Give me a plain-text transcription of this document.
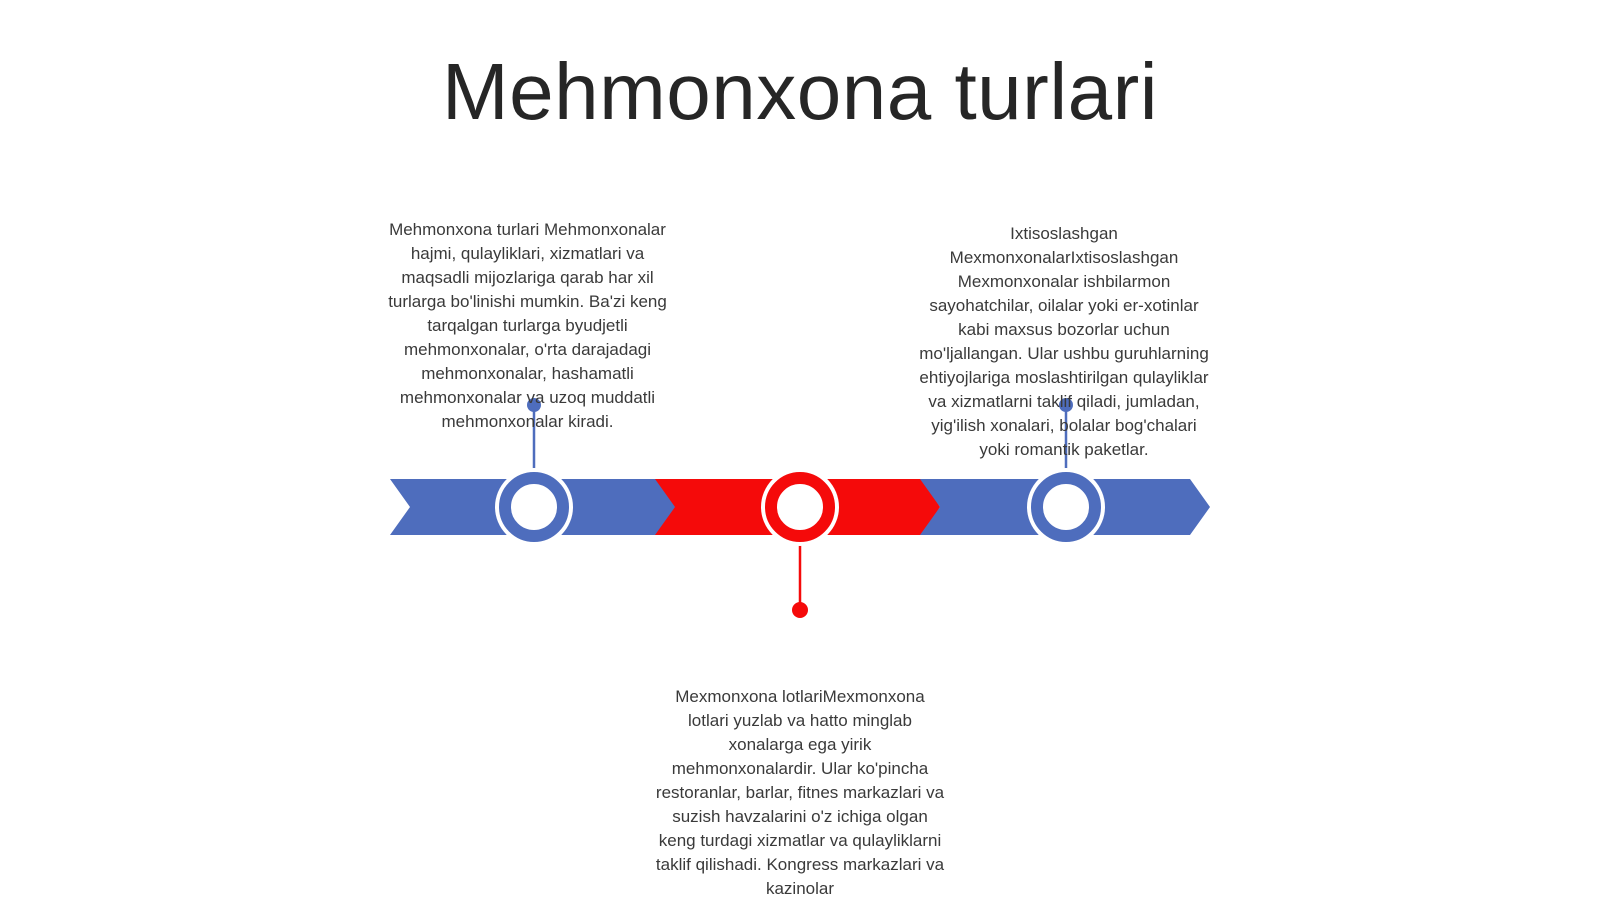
Mehmonxona turlari
Mehmonxona turlari Mehmonxonalar hajmi, qulayliklari, xizmatlari va maqsadli mijozlariga qarab har xil turlarga bo'linishi mumkin. Ba'zi keng tarqalgan turlarga byudjetli mehmonxonalar, o'rta darajadagi mehmonxonalar, hashamatli mehmonxonalar va uzoq muddatli mehmonxonalar kiradi.
Ixtisoslashgan MexmonxonalarIxtisoslashgan Mexmonxonalar ishbilarmon sayohatchilar, oilalar yoki er-xotinlar kabi maxsus bozorlar uchun mo'ljallangan. Ular ushbu guruhlarning ehtiyojlariga moslashtirilgan qulayliklar va xizmatlarni taklif qiladi, jumladan, yig'ilish xonalari, bolalar bog'chalari yoki romantik paketlar.
Mexmonxona lotlariMexmonxona lotlari yuzlab va hatto minglab xonalarga ega yirik mehmonxonalardir. Ular ko'pincha restoranlar, barlar, fitnes markazlari va suzish havzalarini o'z ichiga olgan keng turdagi xizmatlar va qulayliklarni taklif qilishadi. Kongress markazlari va kazinolar
